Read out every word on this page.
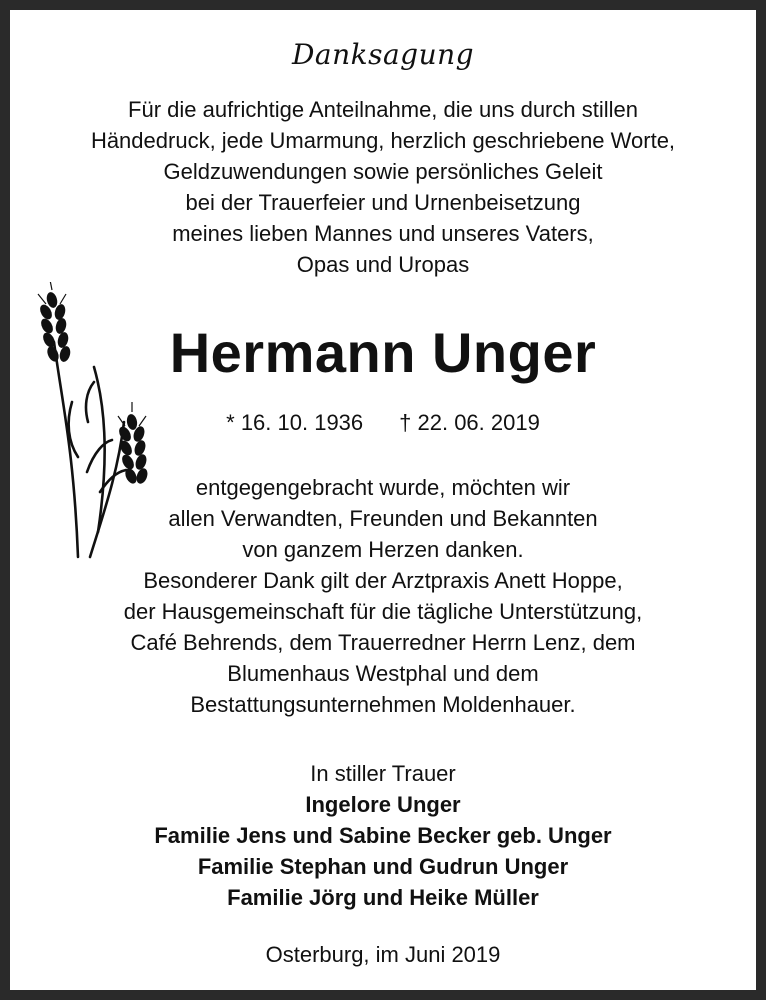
Danksagung
Für die aufrichtige Anteilnahme, die uns durch stillen
Händedruck, jede Umarmung, herzlich geschriebene Worte,
Geldzuwendungen sowie persönliches Geleit
bei der Trauerfeier und Urnenbeisetzung
meines lieben Mannes und unseres Vaters,
Opas und Uropas
Hermann Unger
* 16. 10. 1936 † 22. 06. 2019
entgegengebracht wurde, möchten wir
allen Verwandten, Freunden und Bekannten
von ganzem Herzen danken.
Besonderer Dank gilt der Arztpraxis Anett Hoppe,
der Hausgemeinschaft für die tägliche Unterstützung,
Café Behrends, dem Trauerredner Herrn Lenz, dem
Blumenhaus Westphal und dem
Bestattungsunternehmen Moldenhauer.
In stiller Trauer
Ingelore Unger
Familie Jens und Sabine Becker geb. Unger
Familie Stephan und Gudrun Unger
Familie Jörg und Heike Müller
Osterburg, im Juni 2019
